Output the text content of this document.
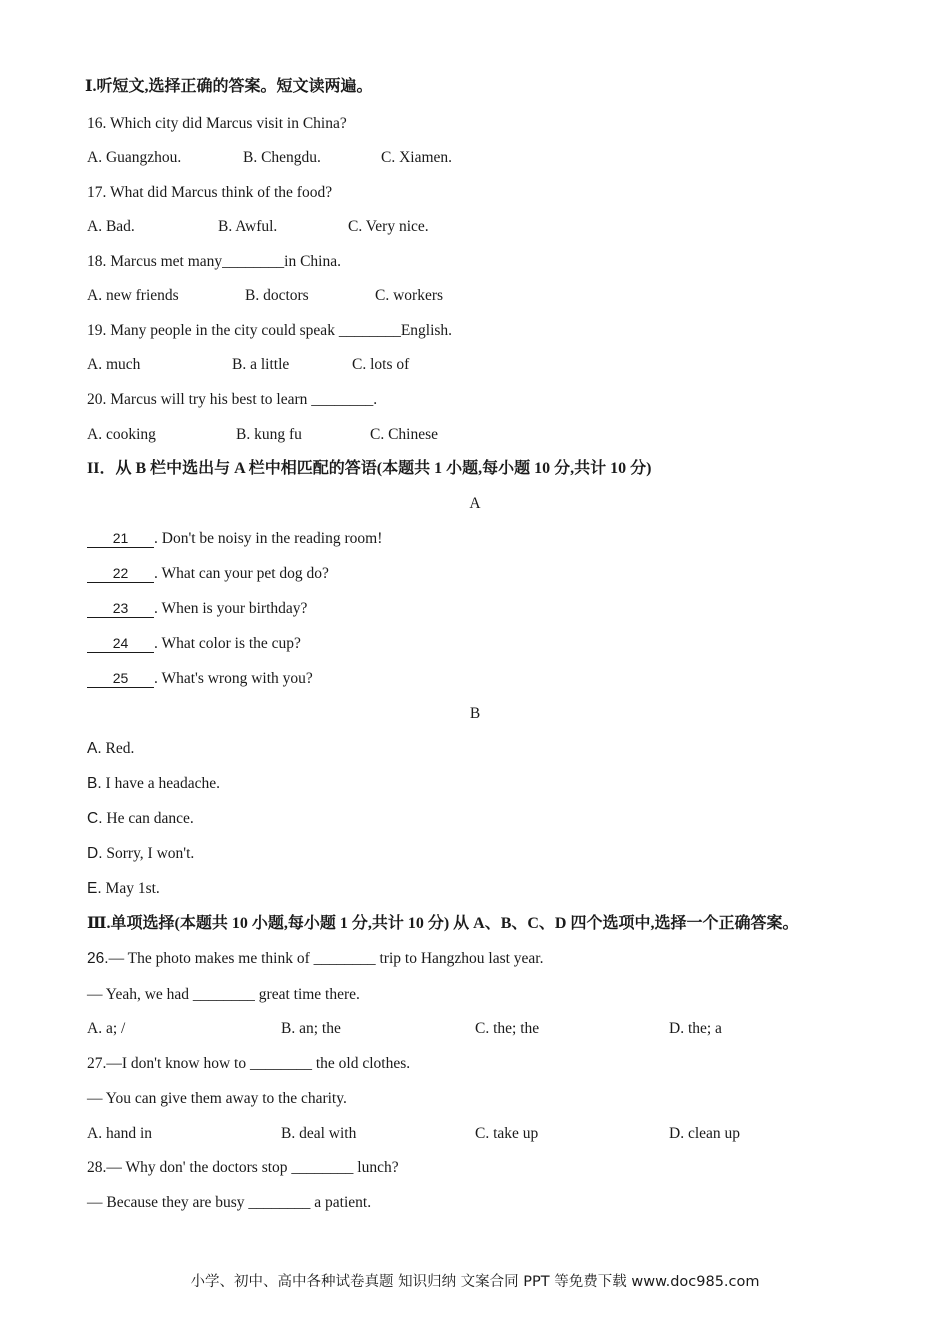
Ⅰ.听短文,选择正确的答案。短文读两遍。
16. Which city did Marcus visit in China?
A. Guangzhou.	B. Chengdu.	C. Xiamen.
17. What did Marcus think of the food?
A. Bad.	B. Awful.	C. Very nice.
18. Marcus met many________in China.
A. new friends	B. doctors	C. workers
19. Many people in the city could speak ________English.
A. much	B. a little	C. lots of
20. Marcus will try his best to learn ________.
A. cooking	B. kung fu	C. Chinese
II．从 B 栏中选出与 A 栏中相匹配的答语(本题共 1 小题,每小题 10 分,共计 10 分)
A
21 . Don't be noisy in the reading room!
22 . What can your pet dog do?
23 . When is your birthday?
24 . What color is the cup?
25 . What's wrong with you?
B
A. Red.
B. I have a headache.
C. He can dance.
D. Sorry, I won't.
E. May 1st.
Ⅲ.单项选择(本题共 10 小题,每小题 1 分,共计 10 分) 从 A、B、C、D 四个选项中,选择一个正确答案。
26.— The photo makes me think of ________ trip to Hangzhou last year.
— Yeah, we had ________ great time there.
A. a; /	B. an; the	C. the; the	D. the; a
27.—I don't know how to ________ the old clothes.
— You can give them away to the charity.
A. hand in	B. deal with	C. take up	D. clean up
28.— Why don' the doctors stop ________ lunch?
— Because they are busy ________ a patient.
小学、初中、高中各种试卷真题 知识归纳 文案合同 PPT 等免费下载 www.doc985.com
